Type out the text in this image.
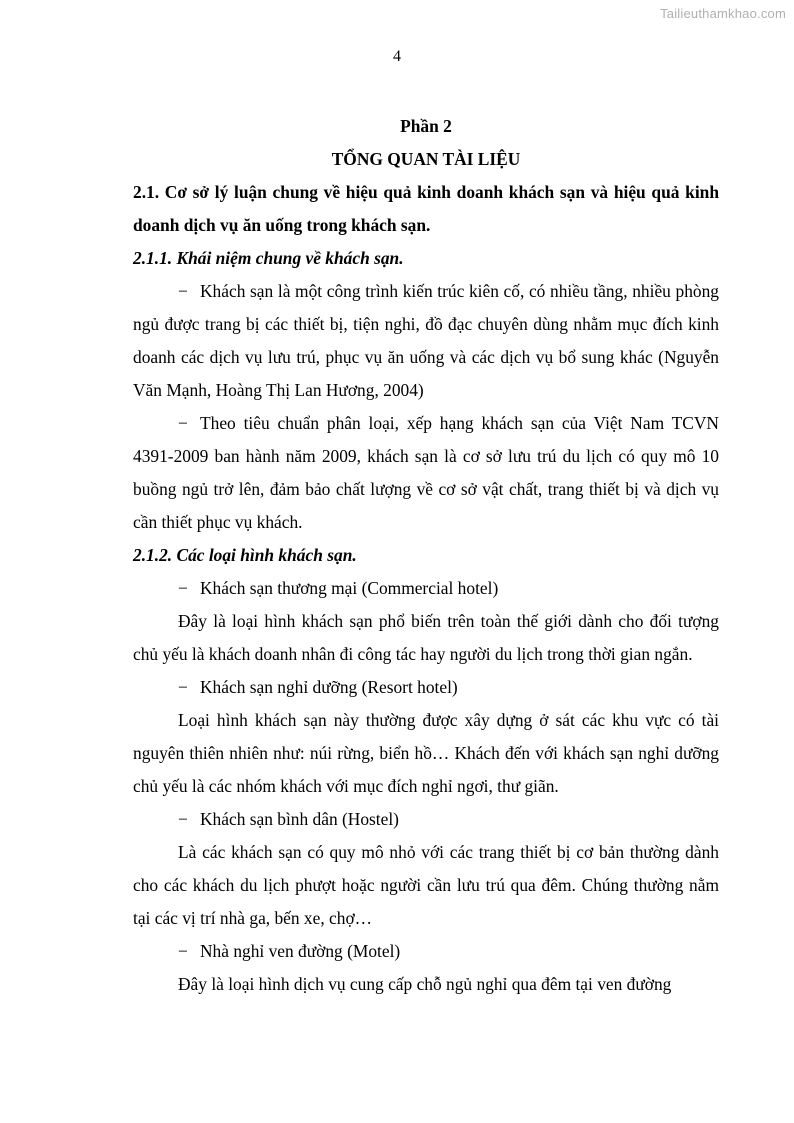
Tailieuthamkhao.com
4
Phần 2
TỔNG QUAN TÀI LIỆU
2.1. Cơ sở lý luận chung về hiệu quả kinh doanh khách sạn và hiệu quả kinh doanh dịch vụ ăn uống trong khách sạn.
2.1.1. Khái niệm chung về khách sạn.

− Khách sạn là một công trình kiến trúc kiên cố, có nhiều tầng, nhiều phòng ngủ được trang bị các thiết bị, tiện nghi, đồ đạc chuyên dùng nhằm mục đích kinh doanh các dịch vụ lưu trú, phục vụ ăn uống và các dịch vụ bổ sung khác (Nguyễn Văn Mạnh, Hoàng Thị Lan Hương, 2004)

− Theo tiêu chuẩn phân loại, xếp hạng khách sạn của Việt Nam TCVN 4391-2009 ban hành năm 2009, khách sạn là cơ sở lưu trú du lịch có quy mô 10 buồng ngủ trở lên, đảm bảo chất lượng về cơ sở vật chất, trang thiết bị và dịch vụ cần thiết phục vụ khách.

2.1.2. Các loại hình khách sạn.

− Khách sạn thương mại (Commercial hotel)

Đây là loại hình khách sạn phổ biến trên toàn thế giới dành cho đối tượng chủ yếu là khách doanh nhân đi công tác hay người du lịch trong thời gian ngắn.

− Khách sạn nghỉ dưỡng (Resort hotel)

Loại hình khách sạn này thường được xây dựng ở sát các khu vực có tài nguyên thiên nhiên như: núi rừng, biển hồ… Khách đến với khách sạn nghỉ dưỡng chủ yếu là các nhóm khách với mục đích nghỉ ngơi, thư giãn.

− Khách sạn bình dân (Hostel)

Là các khách sạn có quy mô nhỏ với các trang thiết bị cơ bản thường dành cho các khách du lịch phượt hoặc người cần lưu trú qua đêm. Chúng thường nằm tại các vị trí nhà ga, bến xe, chợ…

− Nhà nghỉ ven đường (Motel)

Đây là loại hình dịch vụ cung cấp chỗ ngủ nghỉ qua đêm tại ven đường
